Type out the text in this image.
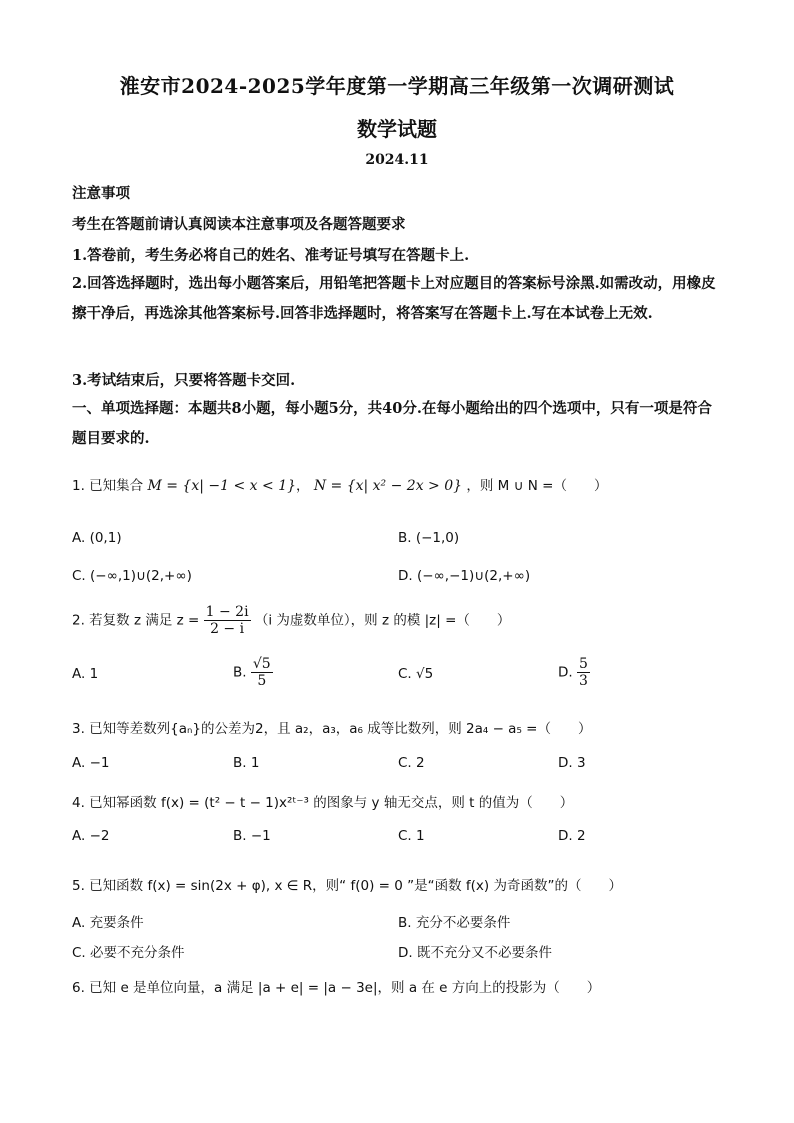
淮安市2024-2025学年度第一学期高三年级第一次调研测试
数学试题
2024.11
注意事项
考生在答题前请认真阅读本注意事项及各题答题要求
1.答卷前，考生务必将自己的姓名、准考证号填写在答题卡上.
2.回答选择题时，选出每小题答案后，用铅笔把答题卡上对应题目的答案标号涂黑.如需改动，用橡皮擦干净后，再选涂其他答案标号.回答非选择题时，将答案写在答题卡上.写在本试卷上无效.
3.考试结束后，只要将答题卡交回.
一、单项选择题：本题共8小题，每小题5分，共40分.在每小题给出的四个选项中，只有一项是符合题目要求的.
1. 已知集合 M = {x| −1 < x < 1}， N = {x| x² − 2x > 0} ，则 M ∪ N =（　　）
A. (0,1)	B. (−1,0)
C. (−∞,1)∪(2,+∞)	D. (−∞,−1)∪(2,+∞)
2. 若复数 z 满足 $z = \frac{1 - 2i}{2 - i} (i$ 为虚数单位），则 z 的模 |z| =（　　）
A. 1	B. $\frac{√5}{5}$	C. √5	D. $\frac{5}{3}$
3. 已知等差数列{aₙ}的公差为2，且 a₂，a₃，a₆ 成等比数列，则 2a₄ − a₅ =（　　）
A. −1	B. 1	C. 2	D. 3
4. 已知幂函数 f(x) = (t² − t − 1)x²ᵗ⁻³ 的图象与 y 轴无交点，则 t 的值为（　　）
A. −2	B. −1	C. 1	D. 2
5. 已知函数 f(x) = sin(2x + φ), x ∈ R，则“ f(0) = 0 ”是“函数 f(x) 为奇函数”的（　　）
A. 充要条件	B. 充分不必要条件
C. 必要不充分条件	D. 既不充分又不必要条件
6. 已知 e 是单位向量，a 满足 |a + e| = |a − 3e|，则 a 在 e 方向上的投影为（　　）
